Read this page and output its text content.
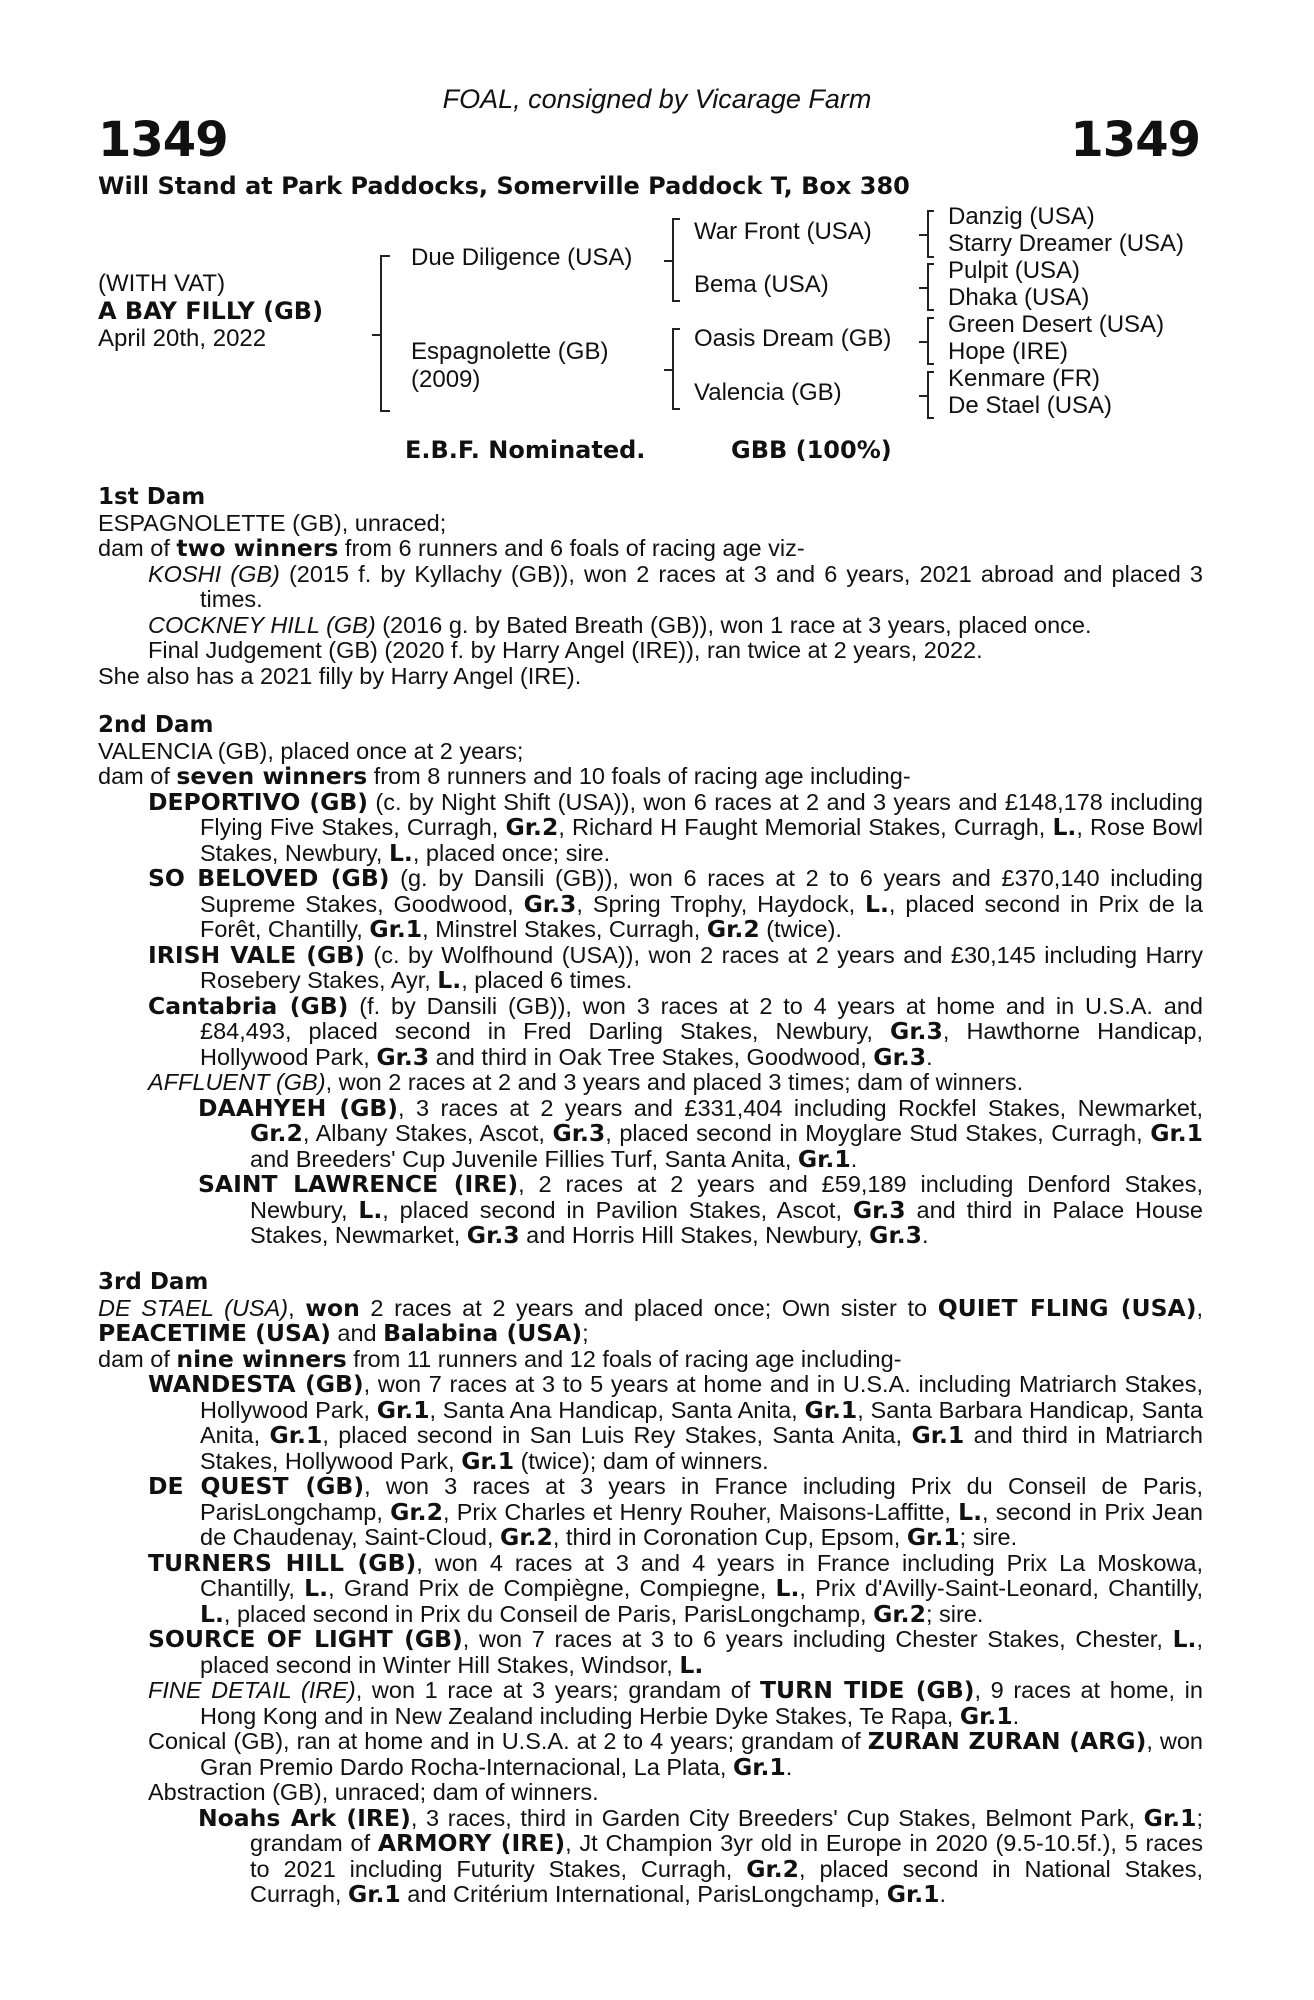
FOAL, consigned by Vicarage Farm
1349	1349
Will Stand at Park Paddocks, Somerville Paddock T, Box 380
(WITH VAT)
A BAY FILLY (GB)
April 20th, 2022
Due Diligence (USA)
Espagnolette (GB)
(2009)
War Front (USA)
Bema (USA)
Oasis Dream (GB)
Valencia (GB)
Danzig (USA)
Starry Dreamer (USA)
Pulpit (USA)
Dhaka (USA)
Green Desert (USA)
Hope (IRE)
Kenmare (FR)
De Stael (USA)
E.B.F. Nominated.	GBB (100%)

1st Dam

ESPAGNOLETTE (GB), unraced;

dam of two winners from 6 runners and 6 foals of racing age viz-

KOSHI (GB) (2015 f. by Kyllachy (GB)), won 2 races at 3 and 6 years, 2021 abroad and placed 3 times.

COCKNEY HILL (GB) (2016 g. by Bated Breath (GB)), won 1 race at 3 years, placed once.

Final Judgement (GB) (2020 f. by Harry Angel (IRE)), ran twice at 2 years, 2022.

She also has a 2021 filly by Harry Angel (IRE).

2nd Dam

VALENCIA (GB), placed once at 2 years;

dam of seven winners from 8 runners and 10 foals of racing age including-

DEPORTIVO (GB) (c. by Night Shift (USA)), won 6 races at 2 and 3 years and £148,178 including Flying Five Stakes, Curragh, Gr.2, Richard H Faught Memorial Stakes, Curragh, L., Rose Bowl Stakes, Newbury, L., placed once; sire.

SO BELOVED (GB) (g. by Dansili (GB)), won 6 races at 2 to 6 years and £370,140 including Supreme Stakes, Goodwood, Gr.3, Spring Trophy, Haydock, L., placed second in Prix de la Forêt, Chantilly, Gr.1, Minstrel Stakes, Curragh, Gr.2 (twice).

IRISH VALE (GB) (c. by Wolfhound (USA)), won 2 races at 2 years and £30,145 including Harry Rosebery Stakes, Ayr, L., placed 6 times.

Cantabria (GB) (f. by Dansili (GB)), won 3 races at 2 to 4 years at home and in U.S.A. and £84,493, placed second in Fred Darling Stakes, Newbury, Gr.3, Hawthorne Handicap, Hollywood Park, Gr.3 and third in Oak Tree Stakes, Goodwood, Gr.3.

AFFLUENT (GB), won 2 races at 2 and 3 years and placed 3 times; dam of winners.

DAAHYEH (GB), 3 races at 2 years and £331,404 including Rockfel Stakes, Newmarket, Gr.2, Albany Stakes, Ascot, Gr.3, placed second in Moyglare Stud Stakes, Curragh, Gr.1 and Breeders' Cup Juvenile Fillies Turf, Santa Anita, Gr.1.

SAINT LAWRENCE (IRE), 2 races at 2 years and £59,189 including Denford Stakes, Newbury, L., placed second in Pavilion Stakes, Ascot, Gr.3 and third in Palace House Stakes, Newmarket, Gr.3 and Horris Hill Stakes, Newbury, Gr.3.

3rd Dam

DE STAEL (USA), won 2 races at 2 years and placed once; Own sister to QUIET FLING (USA), PEACETIME (USA) and Balabina (USA);

dam of nine winners from 11 runners and 12 foals of racing age including-

WANDESTA (GB), won 7 races at 3 to 5 years at home and in U.S.A. including Matriarch Stakes, Hollywood Park, Gr.1, Santa Ana Handicap, Santa Anita, Gr.1, Santa Barbara Handicap, Santa Anita, Gr.1, placed second in San Luis Rey Stakes, Santa Anita, Gr.1 and third in Matriarch Stakes, Hollywood Park, Gr.1 (twice); dam of winners.

DE QUEST (GB), won 3 races at 3 years in France including Prix du Conseil de Paris, ParisLongchamp, Gr.2, Prix Charles et Henry Rouher, Maisons-Laffitte, L., second in Prix Jean de Chaudenay, Saint-Cloud, Gr.2, third in Coronation Cup, Epsom, Gr.1; sire.

TURNERS HILL (GB), won 4 races at 3 and 4 years in France including Prix La Moskowa, Chantilly, L., Grand Prix de Compiègne, Compiegne, L., Prix d'Avilly-Saint-Leonard, Chantilly, L., placed second in Prix du Conseil de Paris, ParisLongchamp, Gr.2; sire.

SOURCE OF LIGHT (GB), won 7 races at 3 to 6 years including Chester Stakes, Chester, L., placed second in Winter Hill Stakes, Windsor, L.

FINE DETAIL (IRE), won 1 race at 3 years; grandam of TURN TIDE (GB), 9 races at home, in Hong Kong and in New Zealand including Herbie Dyke Stakes, Te Rapa, Gr.1.

Conical (GB), ran at home and in U.S.A. at 2 to 4 years; grandam of ZURAN ZURAN (ARG), won Gran Premio Dardo Rocha-Internacional, La Plata, Gr.1.

Abstraction (GB), unraced; dam of winners.

Noahs Ark (IRE), 3 races, third in Garden City Breeders' Cup Stakes, Belmont Park, Gr.1; grandam of ARMORY (IRE), Jt Champion 3yr old in Europe in 2020 (9.5-10.5f.), 5 races to 2021 including Futurity Stakes, Curragh, Gr.2, placed second in National Stakes, Curragh, Gr.1 and Critérium International, ParisLongchamp, Gr.1.
